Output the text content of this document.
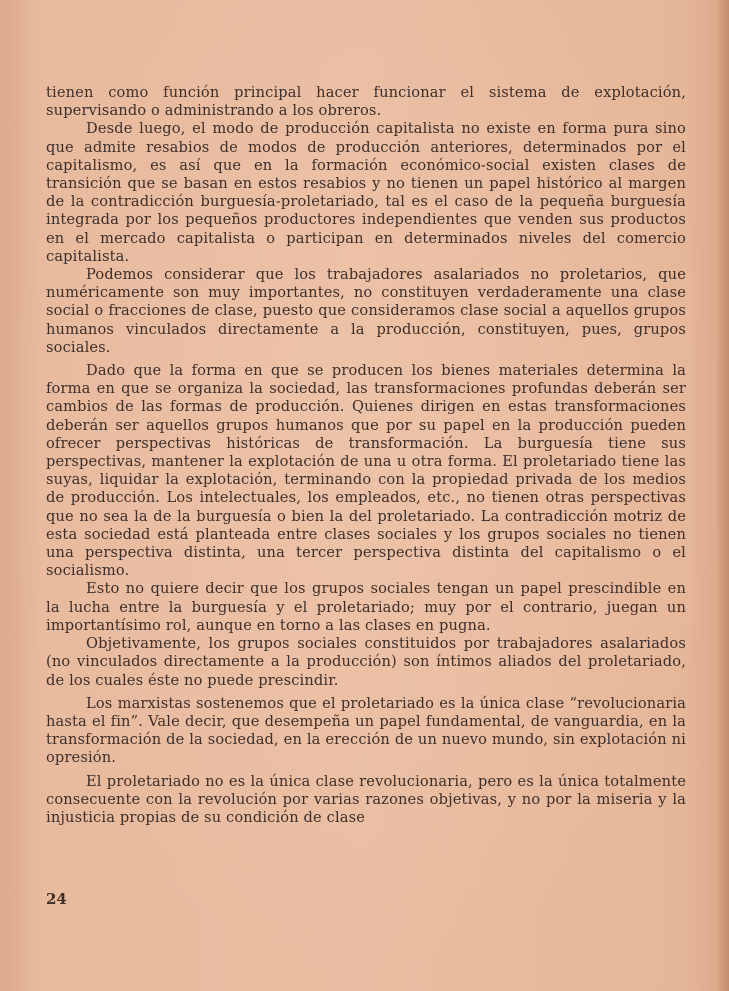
tienen como función principal hacer funcionar el sistema de explotación, supervisando o administrando a los obreros.

Desde luego, el modo de producción capitalista no existe en forma pura sino que admite resabios de modos de producción anteriores, determinados por el capitalismo, es así que en la formación económico-social existen clases de transición que se basan en estos resabios y no tienen un papel histórico al margen de la contradicción burguesía-proletariado, tal es el caso de la pequeña burguesía integrada por los pequeños productores independientes que venden sus productos en el mercado capitalista o participan en determinados niveles del comercio capitalista.

Podemos considerar que los trabajadores asalariados no proletarios, que numéricamente son muy importantes, no constituyen verdaderamente una clase social o fracciones de clase, puesto que consideramos clase social a aquellos grupos humanos vinculados directamente a la producción, constituyen, pues, grupos sociales.

Dado que la forma en que se producen los bienes materiales determina la forma en que se organiza la sociedad, las transformaciones profundas deberán ser cambios de las formas de producción. Quienes dirigen en estas transformaciones deberán ser aquellos grupos humanos que por su papel en la producción pueden ofrecer perspectivas históricas de transformación. La burguesía tiene sus perspectivas, mantener la explotación de una u otra forma. El proletariado tiene las suyas, liquidar la explotación, terminando con la propiedad privada de los medios de producción. Los intelectuales, los empleados, etc., no tienen otras perspectivas que no sea la de la burguesía o bien la del proletariado. La contradicción motriz de esta sociedad está planteada entre clases sociales y los grupos sociales no tienen una perspectiva distinta, una tercer perspectiva distinta del capitalismo o el socialismo.

Esto no quiere decir que los grupos sociales tengan un papel prescindible en la lucha entre la burguesía y el proletariado; muy por el contrario, juegan un importantísimo rol, aunque en torno a las clases en pugna.

Objetivamente, los grupos sociales constituidos por trabajadores asalariados (no vinculados directamente a la producción) son íntimos aliados del proletariado, de los cuales éste no puede prescindir.

Los marxistas sostenemos que el proletariado es la única clase “revolucionaria hasta el fin”. Vale decir, que desempeña un papel fundamental, de vanguardia, en la transformación de la sociedad, en la erección de un nuevo mundo, sin explotación ni opresión.

El proletariado no es la única clase revolucionaria, pero es la única totalmente consecuente con la revolución por varias razones objetivas, y no por la miseria y la injusticia propias de su condición de clase

24
